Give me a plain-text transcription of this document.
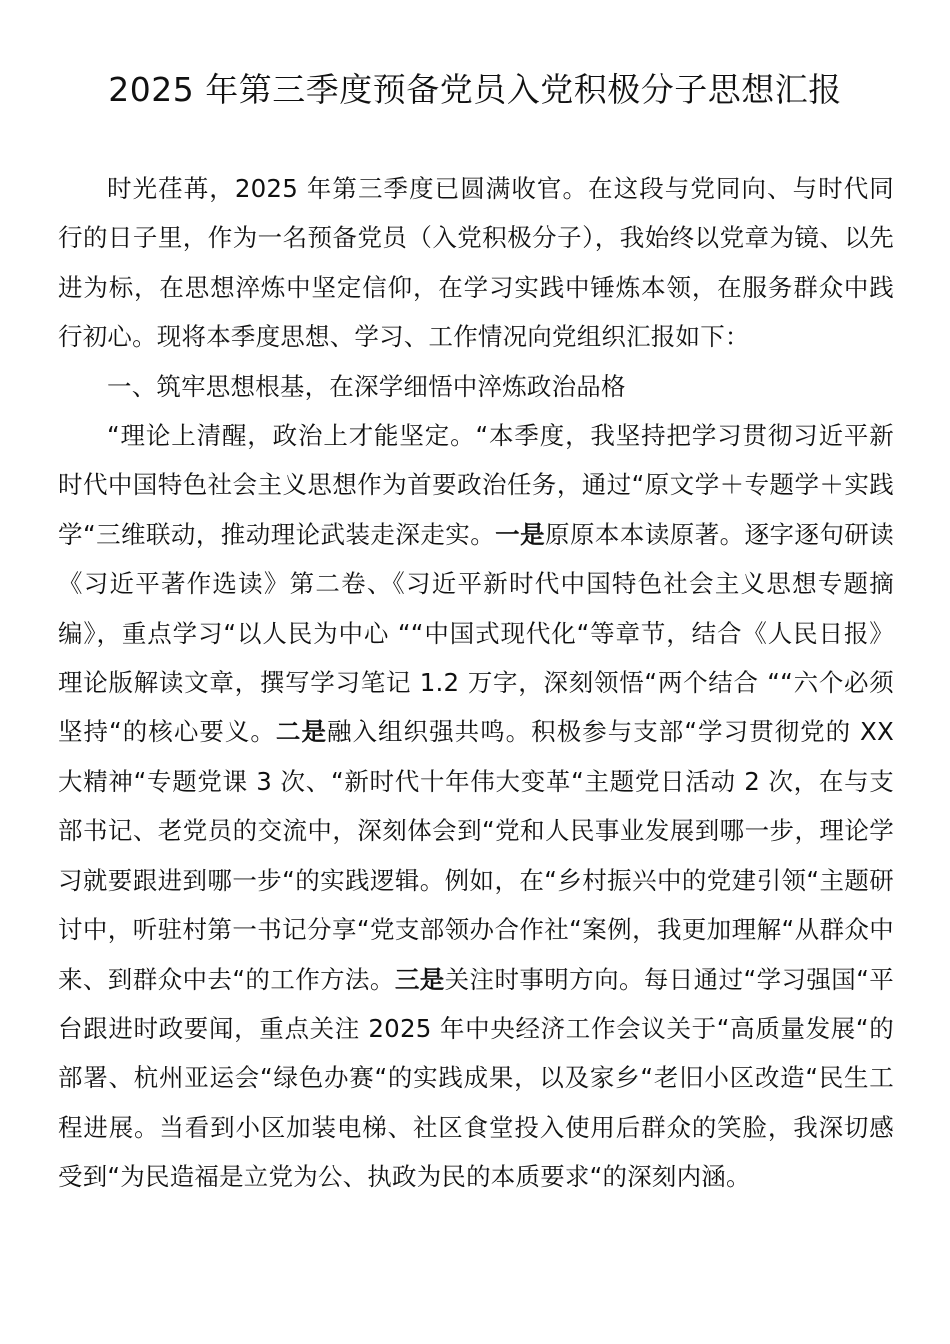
2025 年第三季度预备党员入党积极分子思想汇报

时光荏苒，2025 年第三季度已圆满收官。在这段与党同向、与时代同行的日子里，作为一名预备党员（入党积极分子），我始终以党章为镜、以先进为标，在思想淬炼中坚定信仰，在学习实践中锤炼本领，在服务群众中践行初心。现将本季度思想、学习、工作情况向党组织汇报如下：

一、筑牢思想根基，在深学细悟中淬炼政治品格

“理论上清醒，政治上才能坚定。“本季度，我坚持把学习贯彻习近平新时代中国特色社会主义思想作为首要政治任务，通过“原文学＋专题学＋实践学“三维联动，推动理论武装走深走实。一是原原本本读原著。逐字逐句研读《习近平著作选读》第二卷、《习近平新时代中国特色社会主义思想专题摘编》，重点学习“以人民为中心 ““中国式现代化“等章节，结合《人民日报》理论版解读文章，撰写学习笔记 1.2 万字，深刻领悟“两个结合 ““六个必须坚持“的核心要义。二是融入组织强共鸣。积极参与支部“学习贯彻党的 XX 大精神“专题党课 3 次、“新时代十年伟大变革“主题党日活动 2 次，在与支部书记、老党员的交流中，深刻体会到“党和人民事业发展到哪一步，理论学习就要跟进到哪一步“的实践逻辑。例如，在“乡村振兴中的党建引领“主题研讨中，听驻村第一书记分享“党支部领办合作社“案例，我更加理解“从群众中来、到群众中去“的工作方法。三是关注时事明方向。每日通过“学习强国“平台跟进时政要闻，重点关注 2025 年中央经济工作会议关于“高质量发展“的部署、杭州亚运会“绿色办赛“的实践成果，以及家乡“老旧小区改造“民生工程进展。当看到小区加装电梯、社区食堂投入使用后群众的笑脸，我深切感受到“为民造福是立党为公、执政为民的本质要求“的深刻内涵。
